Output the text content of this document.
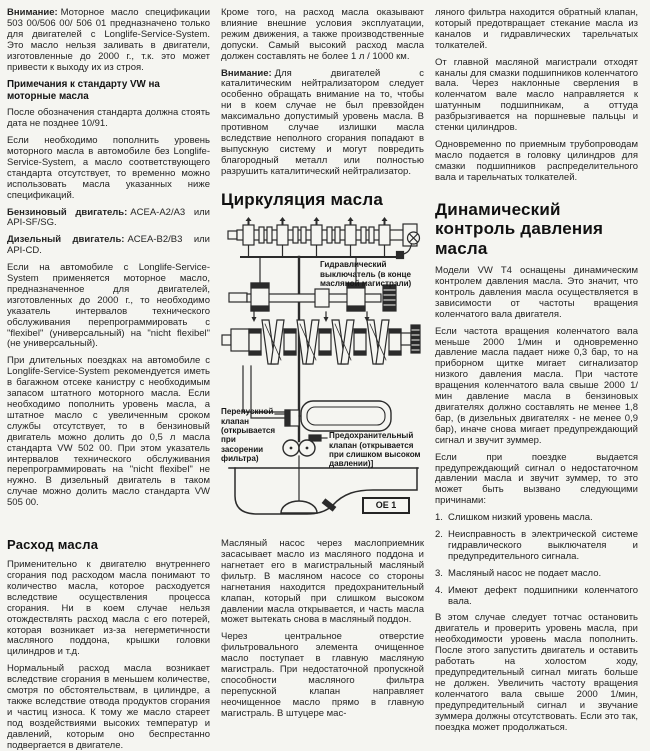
Внимание: Моторное масло спецификации 503 00/506 00/ 506 01 предназначено только для двигателей с Longlife-Service-System. Это масло нельзя заливать в двигатели, изготовленные до 2000 г., т.к. это может привести к выходу их из строя.

Примечания к стандарту VW на моторные масла

После обозначения стандарта должна стоять дата не позднее 10/91.

Если необходимо пополнить уровень моторного масла в автомобиле без Longlife-Service-System, а масло соответствующего стандарта отсутствует, то временно можно использовать масла указанных ниже спецификаций.

Бензиновый двигатель: ACEA-A2/A3 или API-SF/SG.

Дизельный двигатель: ACEA-B2/B3 или API-CD.

Если на автомобиле с Longlife-Service-System применяется моторное масло, предназначенное для двигателей, изготовленных до 2000 г., то необходимо указатель интервалов технического обслуживания перепрограммировать с "flexibel" (универсальный) на "nicht flexibel" (не универсальный).

При длительных поездках на автомобиле с Longlife-Service-System рекомендуется иметь в багажном отсеке канистру с необходимым запасом штатного моторного масла. Если необходимо пополнить уровень масла, а штатное масло с увеличенным сроком службы отсутствует, то в бензиновый двигатель можно долить до 0,5 л масла стандарта VW 502 00. При этом указатель интервалов технического обслуживания перепрограммировать на "nicht flexibel" не нужно. В дизельный двигатель в таком случае можно долить масло стандарта VW 505 00.

Расход масла

Применительно к двигателю внутреннего сгорания под расходом масла понимают то количество масла, которое расходуется вследствие осуществления процесса сгорания. Ни в коем случае нельзя отождествлять расход масла с его потерей, которая возникает из-за негерметичности масляного поддона, крышки головки цилиндров и т.д.

Нормальный расход масла возникает вследствие сгорания в меньшем количестве, смотря по обстоятельствам, в цилиндре, а также вследствие отвода продуктов сгорания и частиц износа. К тому же масло стареет под воздействиями высоких температур и давлений, которым оно беспрестанно подвергается в двигателе.

Кроме того, на расход масла оказывают влияние внешние условия эксплуатации, режим движения, а также производственные допуски. Самый высокий расход масла должен составлять не более 1 л / 1000 км.

Внимание: Для двигателей с каталитическим нейтрализатором следует особенно обращать внимание на то, чтобы ни в коем случае не был превзойден максимально допустимый уровень масла. В противном случае излишки масла вследствие неполного сгорания попадают в выпускную систему и могут повредить благородный металл или полностью разрушить каталитический нейтрализатор.

Циркуляция масла
Гидравлический выключатель (в конце масляной магистрали)
Перепускной клапан (открывается при засорении фильтра)
Предохранительный клапан (открывается при слишком высоком давлении)]
OE 1

Масляный насос через маслоприемник засасывает масло из масляного поддона и нагнетает его в магистральный масляный фильтр. В масляном насосе со стороны нагнетания находится предохранительный клапан, который при слишком высоком давлении масла открывается, и часть масла может вытекать снова в масляный поддон.

Через центральное отверстие фильтровального элемента очищенное масло поступает в главную масляную магистраль. При недостаточной пропускной способности масляного фильтра перепускной клапан направляет неочищенное масло прямо в главную магистраль. В штуцере мас-

ляного фильтра находится обратный клапан, который предотвращает стекание масла из каналов и гидравлических тарельчатых толкателей.

От главной масляной магистрали отходят каналы для смазки подшипников коленчатого вала. Через наклонные сверления в коленчатом вале масло направляется к шатунным подшипникам, а оттуда разбрызгивается на поршневые пальцы и стенки цилиндров.

Одновременно по приемным трубопроводам масло подается в головку цилиндров для смазки подшипников распределительного вала и тарельчатых толкателей.

Динамический контроль давления масла

Модели VW T4 оснащены динамическим контролем давления масла. Это значит, что контроль давления масла осуществляется в зависимости от частоты вращения коленчатого вала двигателя.

Если частота вращения коленчатого вала меньше 2000 1/мин и одновременно давление масла падает ниже 0,3 бар, то на приборном щитке мигает сигнализатор низкого давления масла. При частоте вращения коленчатого вала свыше 2000 1/мин давление масла в бензиновых двигателях должно составлять не менее 1,8 бар, (в дизельных двигателях - не менее 0,9 бар), иначе снова мигает предупреждающий сигнал и звучит зуммер.

Если при поездке выдается предупреждающий сигнал о недостаточном давлении масла и звучит зуммер, то это может быть вызвано следующими причинами:

1. Слишком низкий уровень масла.
2. Неисправность в электрической системе гидравлического выключателя и предупредительного сигнала.
3. Масляный насос не подает масло.
4. Имеют дефект подшипники коленчатого вала.

В этом случае следует тотчас остановить двигатель и проверить уровень масла, при необходимости уровень масла пополнить. После этого запустить двигатель и оставить работать на холостом ходу, предупредительный сигнал мигать больше не должен. Увеличить частоту вращения коленчатого вала свыше 2000 1/мин, предупредительный сигнал и звучание зуммера должны отсутствовать. Если это так, поездка может продолжаться.
